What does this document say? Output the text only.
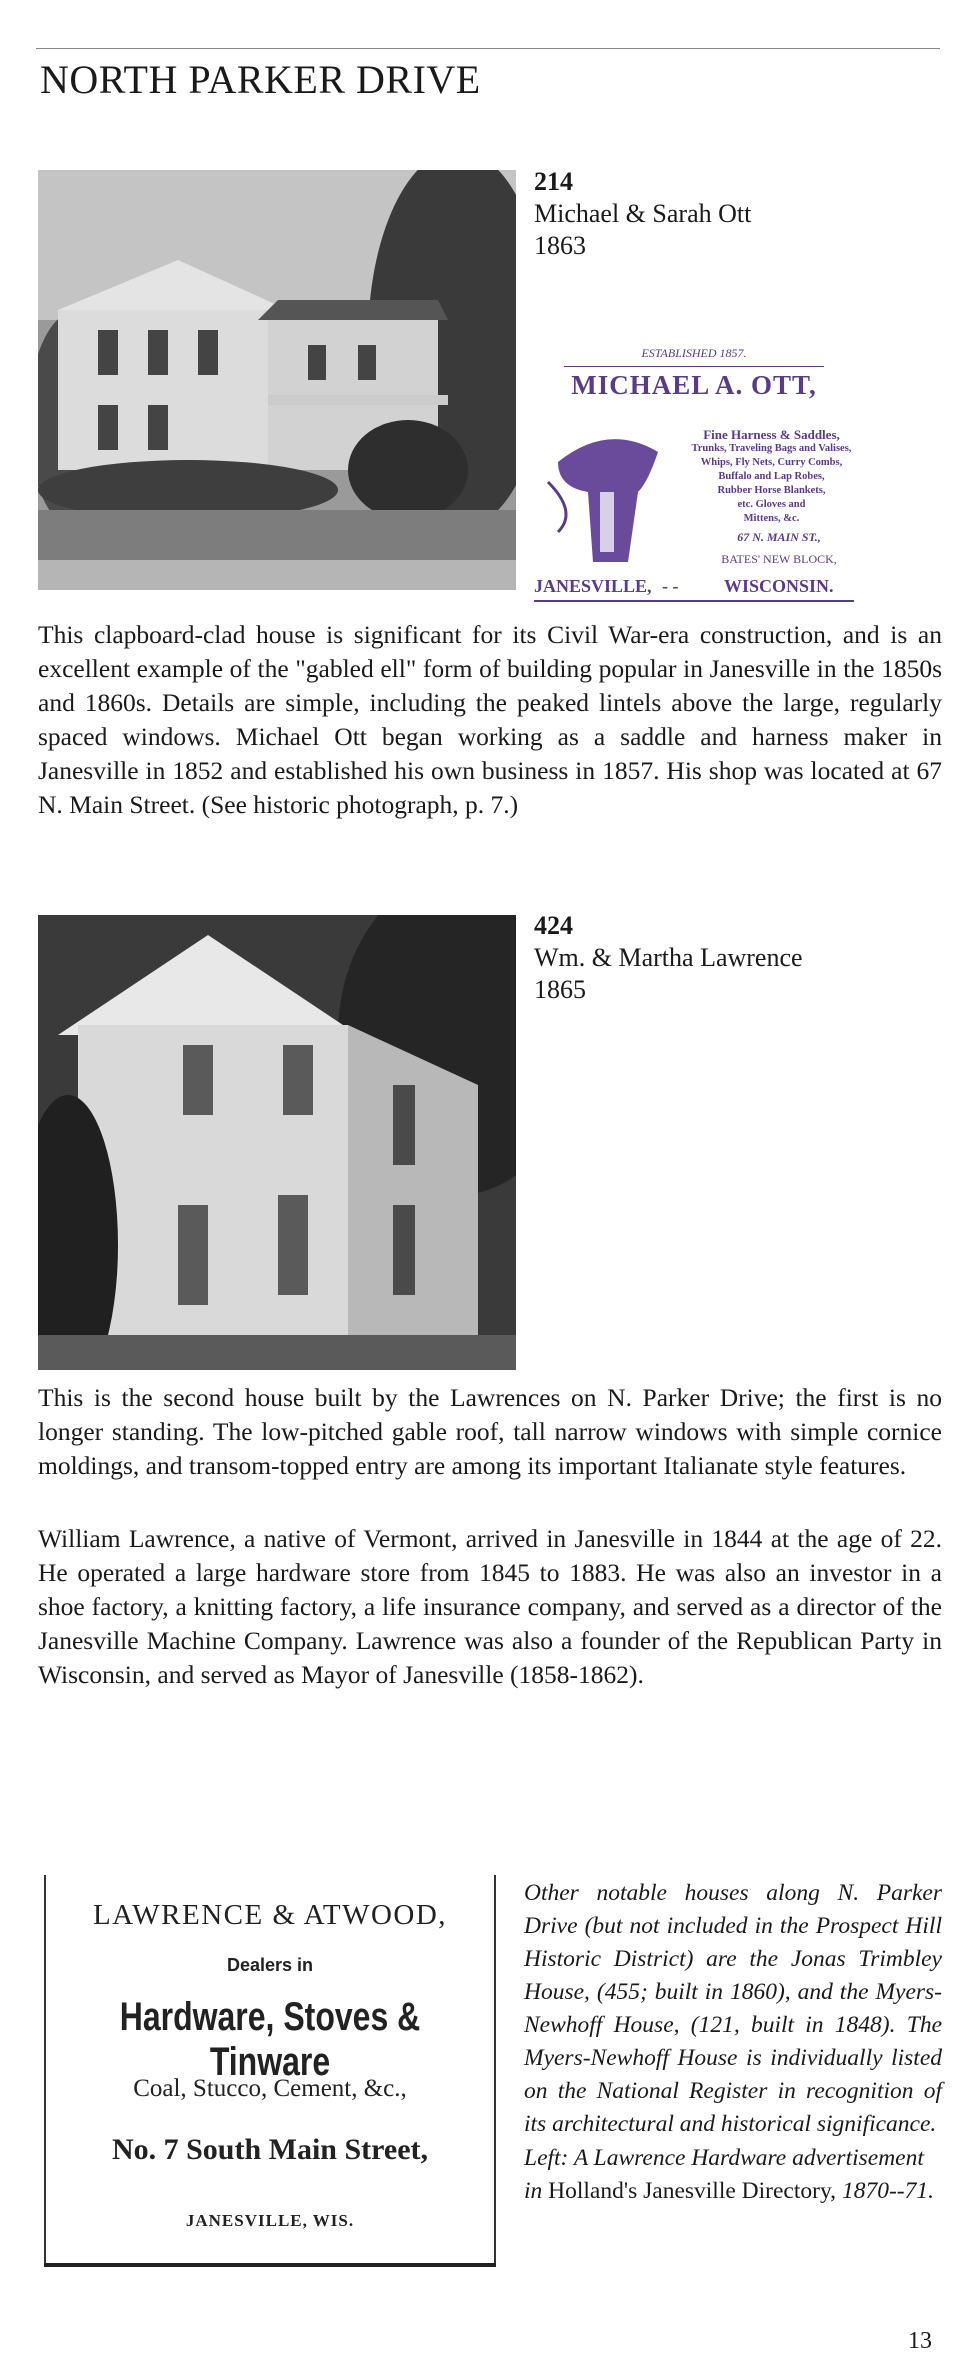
NORTH PARKER DRIVE
214
Michael & Sarah Ott
1863
ESTABLISHED 1857.
MICHAEL A. OTT,
Fine Harness & Saddles,
Trunks, Traveling Bags and Valises,
Whips, Fly Nets, Curry Combs,
Buffalo and Lap Robes,
Rubber Horse Blankets,
etc. Gloves and
Mittens, &c.
67 N. MAIN ST.,
BATES' NEW BLOCK,
JANESVILLE, - -	WISCONSIN.
This clapboard-clad house is significant for its Civil War-era construction, and is an excellent example of the "gabled ell" form of building popular in Janesville in the 1850s and 1860s. Details are simple, including the peaked lintels above the large, regularly spaced windows. Michael Ott began working as a saddle and harness maker in Janesville in 1852 and established his own business in 1857. His shop was located at 67 N. Main Street. (See historic photograph, p. 7.)
424
Wm. & Martha Lawrence
1865
This is the second house built by the Lawrences on N. Parker Drive; the first is no longer standing. The low-pitched gable roof, tall narrow windows with simple cornice moldings, and transom-topped entry are among its important Italianate style features.
William Lawrence, a native of Vermont, arrived in Janesville in 1844 at the age of 22. He operated a large hardware store from 1845 to 1883. He was also an investor in a shoe factory, a knitting factory, a life insurance company, and served as a director of the Janesville Machine Company. Lawrence was also a founder of the Republican Party in Wisconsin, and served as Mayor of Janesville (1858-1862).
LAWRENCE & ATWOOD,
Dealers in
Hardware, Stoves & Tinware
Coal, Stucco, Cement, &c.,
No. 7 South Main Street,
JANESVILLE, WIS.
Other notable houses along N. Parker Drive (but not included in the Prospect Hill Historic District) are the Jonas Trimbley House, (455; built in 1860), and the Myers-Newhoff House, (121, built in 1848). The Myers-Newhoff House is individually listed on the National Register in recognition of its architectural and historical significance.
Left: A Lawrence Hardware advertisement in Holland's Janesville Directory, 1870--71.
13
